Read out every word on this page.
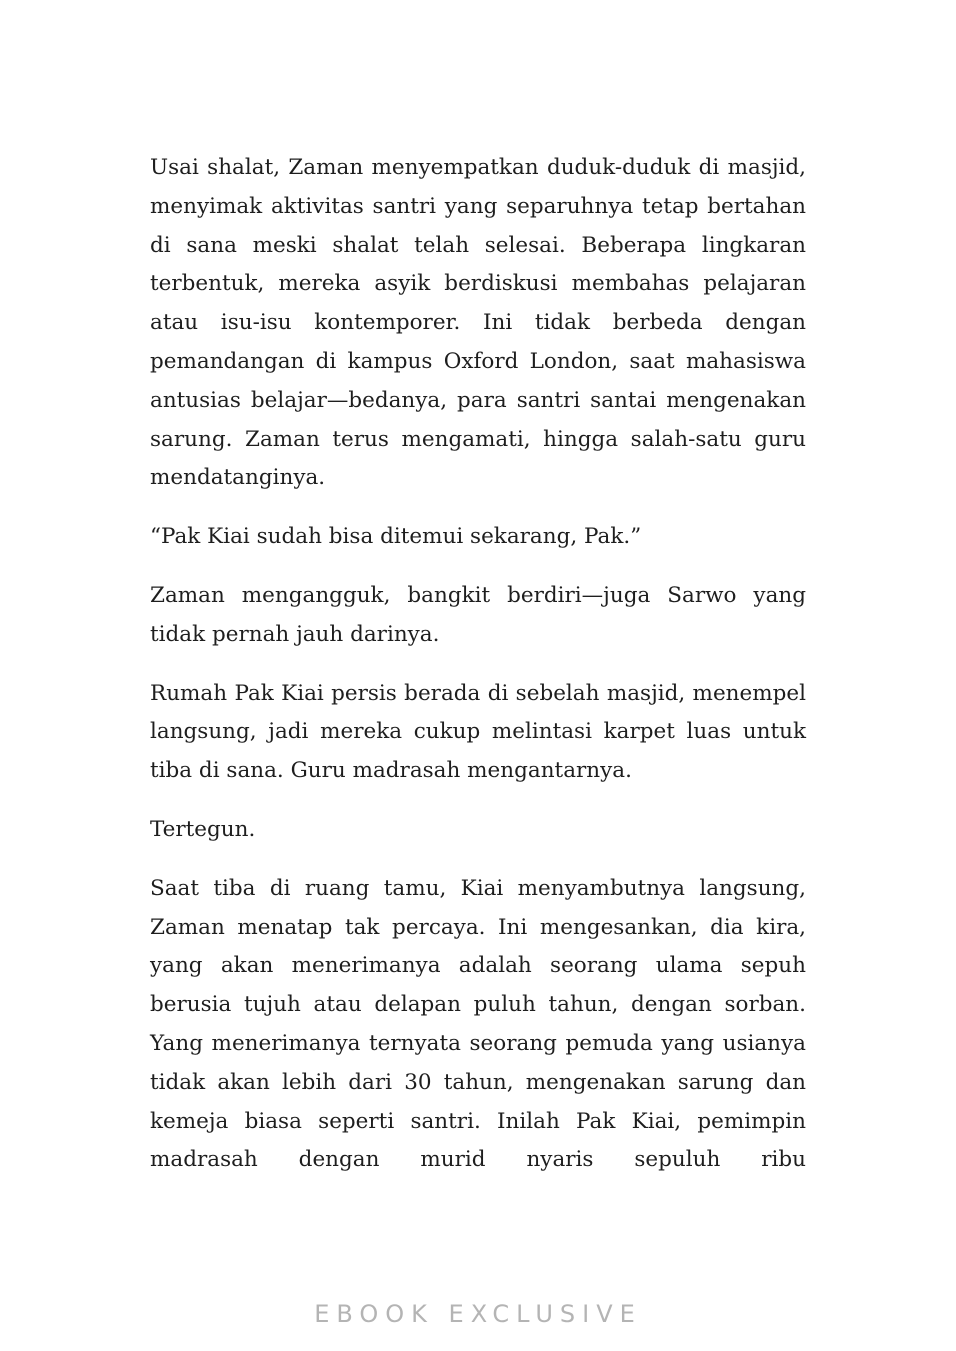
Usai shalat, Zaman menyempatkan duduk-duduk di masjid, menyimak aktivitas santri yang separuhnya tetap bertahan di sana meski shalat telah selesai. Beberapa lingkaran terbentuk, mereka asyik berdiskusi membahas pelajaran atau isu-isu kontemporer. Ini tidak berbeda dengan pemandangan di kampus Oxford London, saat mahasiswa antusias belajar—bedanya, para santri santai mengenakan sarung. Zaman terus mengamati, hingga salah-satu guru mendatanginya.

“Pak Kiai sudah bisa ditemui sekarang, Pak.”

Zaman mengangguk, bangkit berdiri—juga Sarwo yang tidak pernah jauh darinya.

Rumah Pak Kiai persis berada di sebelah masjid, menempel langsung, jadi mereka cukup melintasi karpet luas untuk tiba di sana. Guru madrasah mengantarnya.

Tertegun.

Saat tiba di ruang tamu, Kiai menyambutnya langsung, Zaman menatap tak percaya. Ini mengesankan, dia kira, yang akan menerimanya adalah seorang ulama sepuh berusia tujuh atau delapan puluh tahun, dengan sorban. Yang menerimanya ternyata seorang pemuda yang usianya tidak akan lebih dari 30 tahun, mengenakan sarung dan kemeja biasa seperti santri. Inilah Pak Kiai, pemimpin madrasah dengan murid nyaris sepuluh ribu

EBOOK EXCLUSIVE
